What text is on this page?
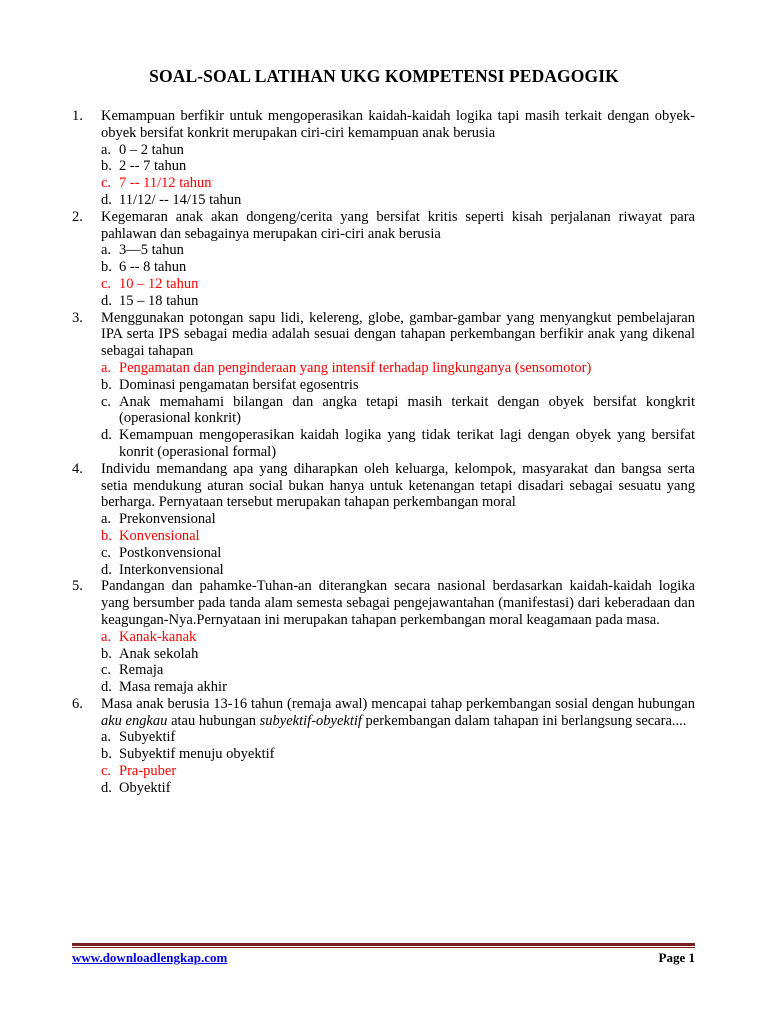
SOAL-SOAL LATIHAN UKG KOMPETENSI PEDAGOGIK
1. Kemampuan berfikir untuk mengoperasikan kaidah-kaidah logika tapi masih terkait dengan obyek-obyek bersifat konkrit merupakan ciri-ciri kemampuan anak berusia
a. 0 – 2 tahun
b. 2 -- 7 tahun
c. 7 -- 11/12 tahun
d. 11/12/ -- 14/15 tahun
2. Kegemaran anak akan dongeng/cerita yang bersifat kritis seperti kisah perjalanan riwayat para pahlawan dan sebagainya merupakan ciri-ciri anak berusia
a. 3—5 tahun
b. 6 -- 8 tahun
c. 10 – 12 tahun
d. 15 – 18 tahun
3. Menggunakan potongan sapu lidi, kelereng, globe, gambar-gambar yang menyangkut pembelajaran IPA serta IPS sebagai media adalah sesuai dengan tahapan perkembangan berfikir anak yang dikenal sebagai tahapan
a. Pengamatan dan penginderaan yang intensif terhadap lingkunganya (sensomotor)
b. Dominasi pengamatan bersifat egosentris
c. Anak memahami bilangan dan angka tetapi masih terkait dengan obyek bersifat kongkrit (operasional konkrit)
d. Kemampuan mengoperasikan kaidah logika yang tidak terikat lagi dengan obyek yang bersifat konrit (operasional formal)
4. Individu memandang apa yang diharapkan oleh keluarga, kelompok, masyarakat dan bangsa serta setia mendukung aturan social bukan hanya untuk ketenangan tetapi disadari sebagai sesuatu yang berharga. Pernyataan tersebut merupakan tahapan perkembangan moral
a. Prekonvensional
b. Konvensional
c. Postkonvensional
d. Interkonvensional
5. Pandangan dan pahamke-Tuhan-an diterangkan secara nasional berdasarkan kaidah-kaidah logika yang bersumber pada tanda alam semesta sebagai pengejawantahan (manifestasi) dari keberadaan dan keagungan-Nya.Pernyataan ini merupakan tahapan perkembangan moral keagamaan pada masa.
a. Kanak-kanak
b. Anak sekolah
c. Remaja
d. Masa remaja akhir
6. Masa anak berusia 13-16 tahun (remaja awal) mencapai tahap perkembangan sosial dengan hubungan aku engkau atau hubungan subyektif-obyektif perkembangan dalam tahapan ini berlangsung secara....
a. Subyektif
b. Subyektif menuju obyektif
c. Pra-puber
d. Obyektif
www.downloadlengkap.com	Page 1
